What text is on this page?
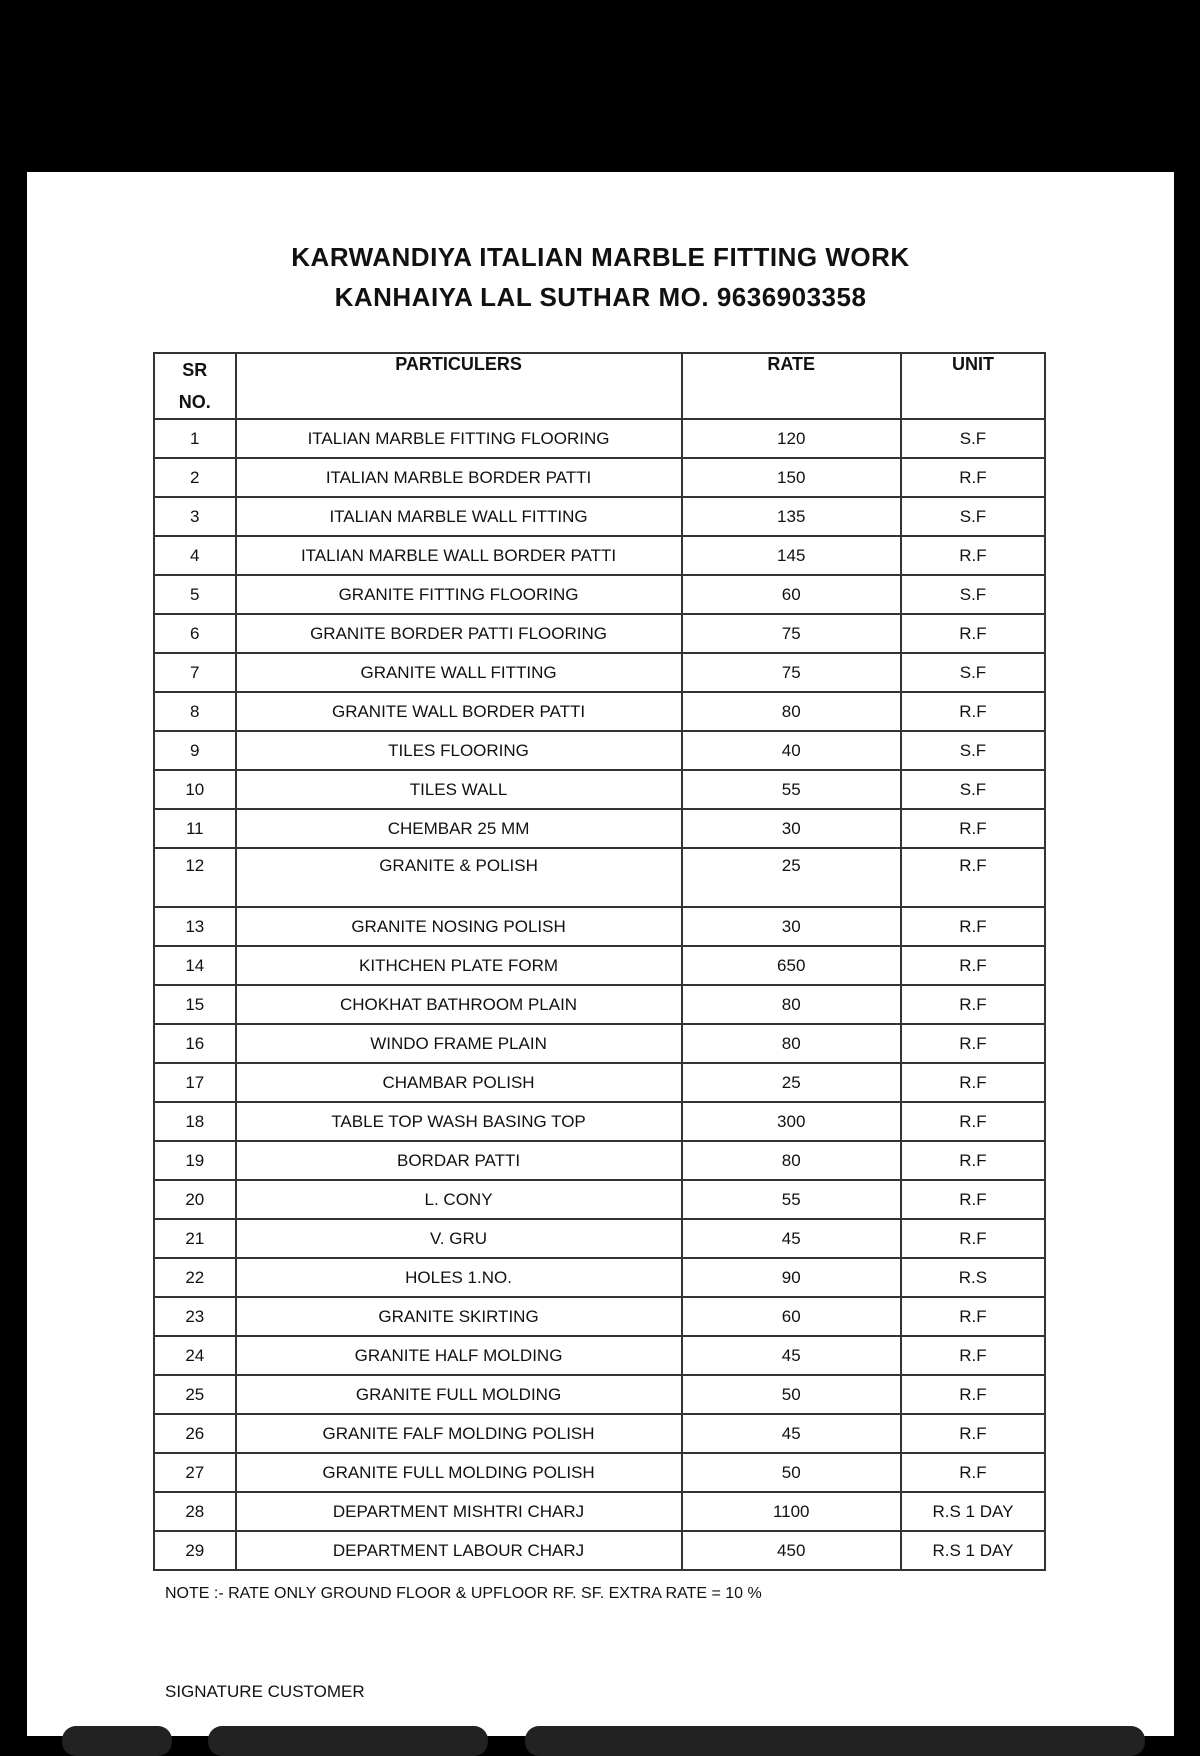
KARWANDIYA ITALIAN MARBLE FITTING WORK
KANHAIYA LAL SUTHAR MO. 9636903358
SR
NO.	PARTICULERS	RATE	UNIT
1	ITALIAN MARBLE FITTING FLOORING	120	S.F
2	ITALIAN MARBLE BORDER PATTI	150	R.F
3	ITALIAN MARBLE WALL FITTING	135	S.F
4	ITALIAN MARBLE WALL BORDER PATTI	145	R.F
5	GRANITE FITTING FLOORING	60	S.F
6	GRANITE BORDER PATTI FLOORING	75	R.F
7	GRANITE WALL FITTING	75	S.F
8	GRANITE WALL BORDER PATTI	80	R.F
9	TILES FLOORING	40	S.F
10	TILES WALL	55	S.F
11	CHEMBAR 25 MM	30	R.F
12	GRANITE & POLISH	25	R.F
13	GRANITE NOSING POLISH	30	R.F
14	KITHCHEN PLATE FORM	650	R.F
15	CHOKHAT BATHROOM PLAIN	80	R.F
16	WINDO FRAME PLAIN	80	R.F
17	CHAMBAR POLISH	25	R.F
18	TABLE TOP WASH BASING TOP	300	R.F
19	BORDAR PATTI	80	R.F
20	L. CONY	55	R.F
21	V. GRU	45	R.F
22	HOLES 1.NO.	90	R.S
23	GRANITE SKIRTING	60	R.F
24	GRANITE HALF MOLDING	45	R.F
25	GRANITE FULL MOLDING	50	R.F
26	GRANITE FALF MOLDING POLISH	45	R.F
27	GRANITE FULL MOLDING POLISH	50	R.F
28	DEPARTMENT MISHTRI CHARJ	1100	R.S 1 DAY
29	DEPARTMENT LABOUR CHARJ	450	R.S 1 DAY
NOTE :- RATE ONLY GROUND FLOOR & UPFLOOR RF. SF. EXTRA RATE = 10 %
SIGNATURE CUSTOMER
